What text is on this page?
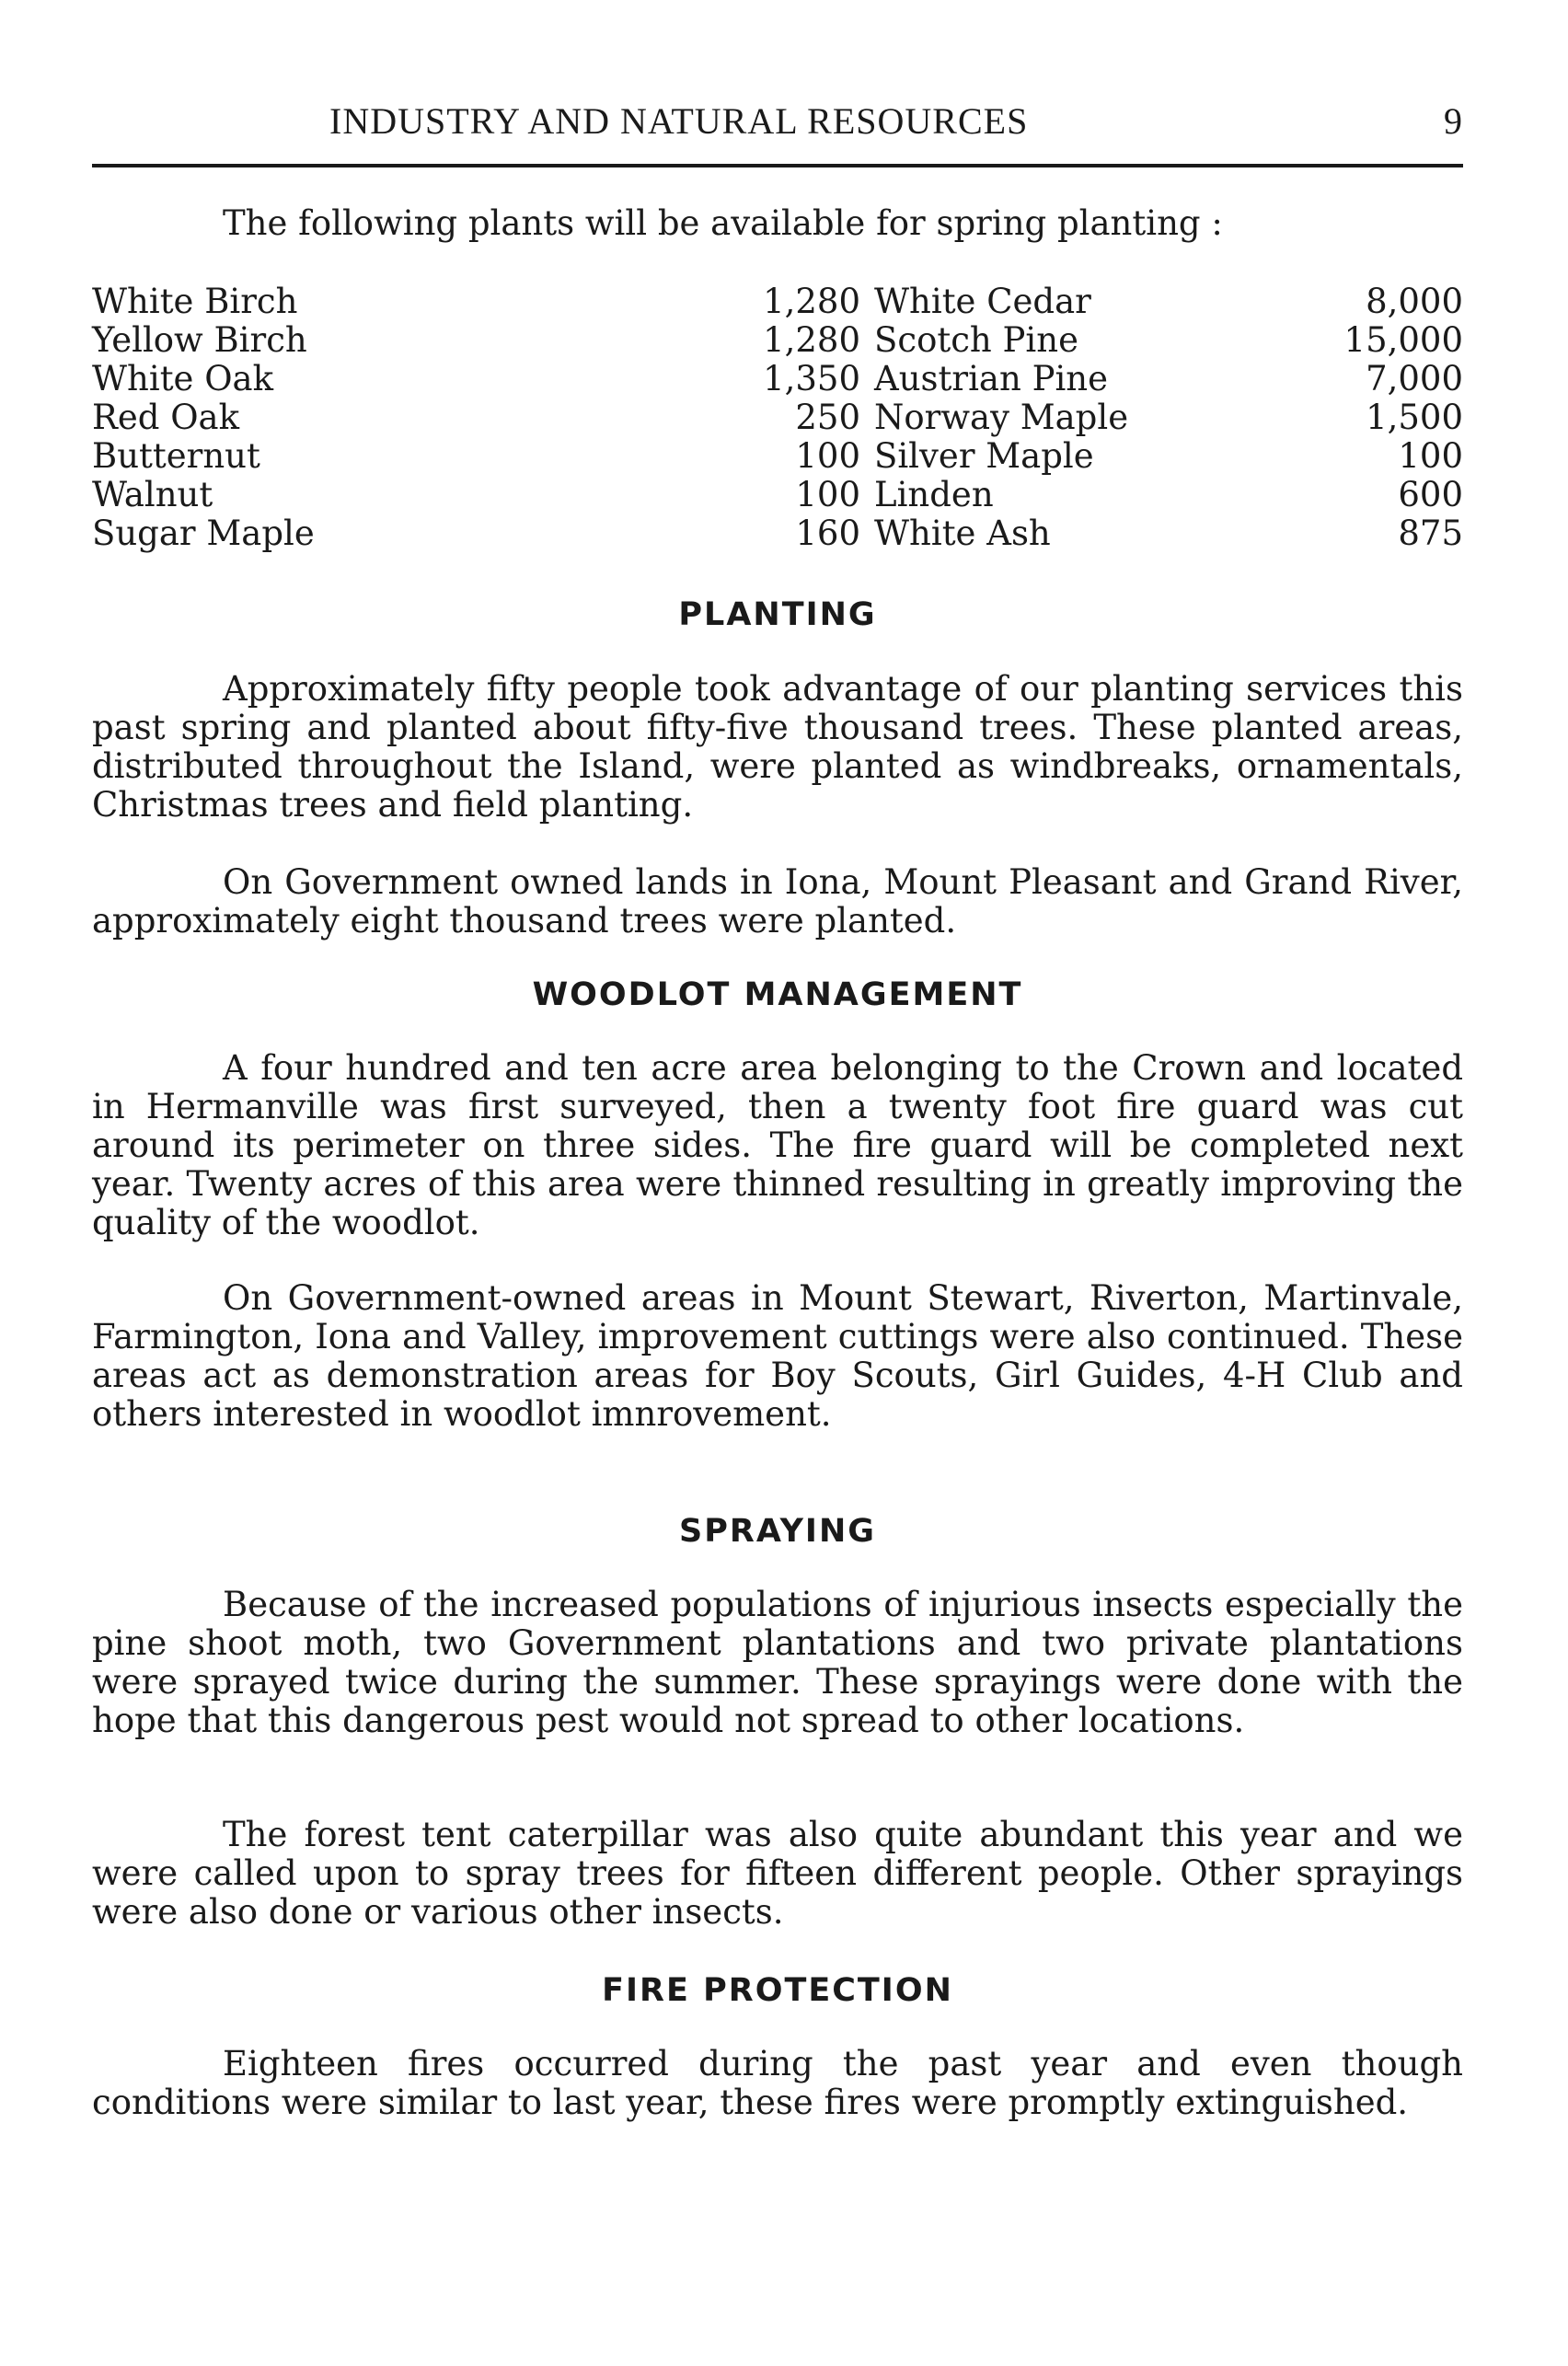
INDUSTRY AND NATURAL RESOURCES	9

The following plants will be available for spring planting :

White Birch	1,280 White Cedar	8,000
Yellow Birch	1,280 Scotch Pine	15,000
White Oak	1,350 Austrian Pine	7,000
Red Oak	250 Norway Maple	1,500
Butternut	100 Silver Maple	100
Walnut	100 Linden	600
Sugar Maple	160 White Ash	875
PLANTING

Approximately fifty people took advantage of our planting services this past spring and planted about fifty-five thousand trees. These planted areas, distributed throughout the Island, were planted as windbreaks, ornamentals, Christmas trees and field planting.

On Government owned lands in Iona, Mount Pleasant and Grand River, approximately eight thousand trees were planted.

WOODLOT MANAGEMENT

A four hundred and ten acre area belonging to the Crown and located in Hermanville was first surveyed, then a twenty foot fire guard was cut around its perimeter on three sides. The fire guard will be completed next year. Twenty acres of this area were thinned resulting in greatly improving the quality of the woodlot.

On Government-owned areas in Mount Stewart, Riverton, Martinvale, Farmington, Iona and Valley, improvement cuttings were also continued. These areas act as demonstration areas for Boy Scouts, Girl Guides, 4-H Club and others interested in woodlot imnrovement.

SPRAYING

Because of the increased populations of injurious insects especially the pine shoot moth, two Government plantations and two private plantations were sprayed twice during the summer. These sprayings were done with the hope that this dangerous pest would not spread to other locations.

The forest tent caterpillar was also quite abundant this year and we were called upon to spray trees for fifteen different people. Other sprayings were also done or various other insects.

FIRE PROTECTION

Eighteen fires occurred during the past year and even though conditions were similar to last year, these fires were promptly extinguished.
